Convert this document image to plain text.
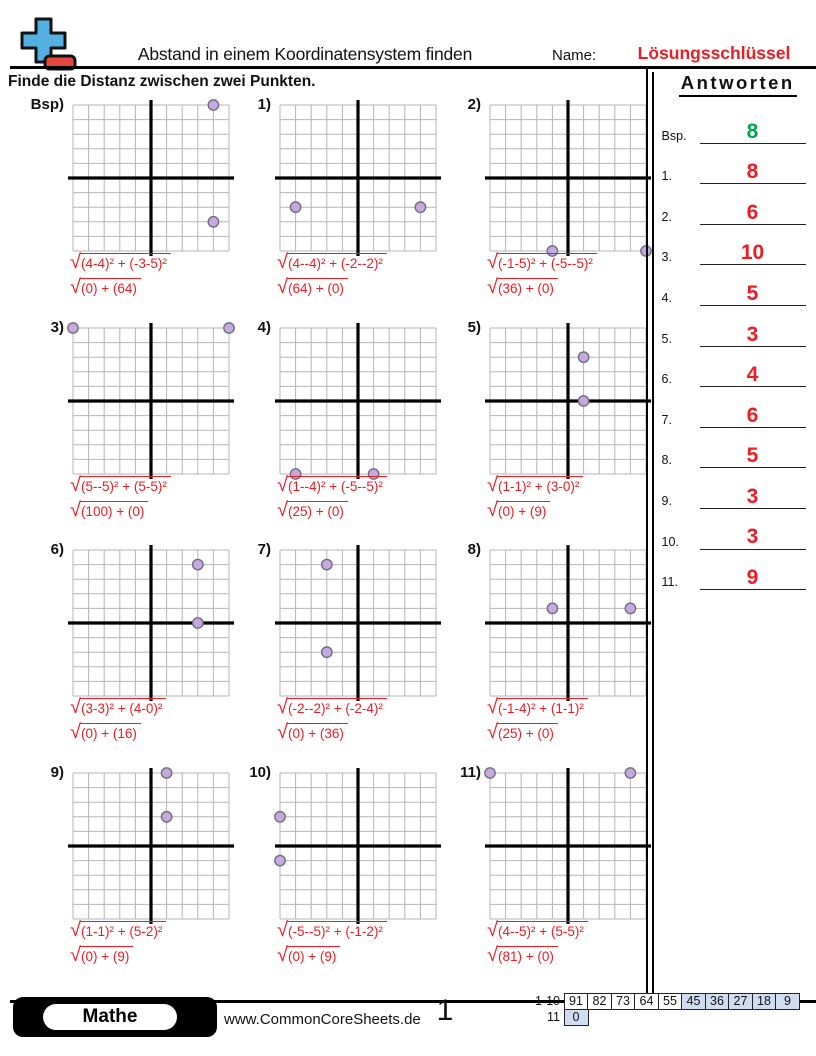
Abstand in einem Koordinatensystem finden	Name:	Lösungsschlüssel
Finde die Distanz zwischen zwei Punkten.
Bsp)
√ (4-4)² + (-3-5)²
√ (0) + (64)
1)
√ (4--4)² + (-2--2)²
√ (64) + (0)
2)
√ (-1-5)² + (-5--5)²
√ (36) + (0)
3)
√ (5--5)² + (5-5)²
√ (100) + (0)
4)
√ (1--4)² + (-5--5)²
√ (25) + (0)
5)
√ (1-1)² + (3-0)²
√ (0) + (9)
6)
√ (3-3)² + (4-0)²
√ (0) + (16)
7)
√ (-2--2)² + (-2-4)²
√ (0) + (36)
8)
√ (-1-4)² + (1-1)²
√ (25) + (0)
9)
√ (1-1)² + (5-2)²
√ (0) + (9)
10)
√ (-5--5)² + (-1-2)²
√ (0) + (9)
11)
√ (4--5)² + (5-5)²
√ (81) + (0)
Antworten
Bsp.	8
1.	8
2.	6
3.	10
4.	5
5.	3
6.	4
7.	6
8.	5
9.	3
10.	3
11.	9
Mathe	www.CommonCoreSheets.de 1	1-10 91 82 73 64 55 45 36 27 18	9
11	0
